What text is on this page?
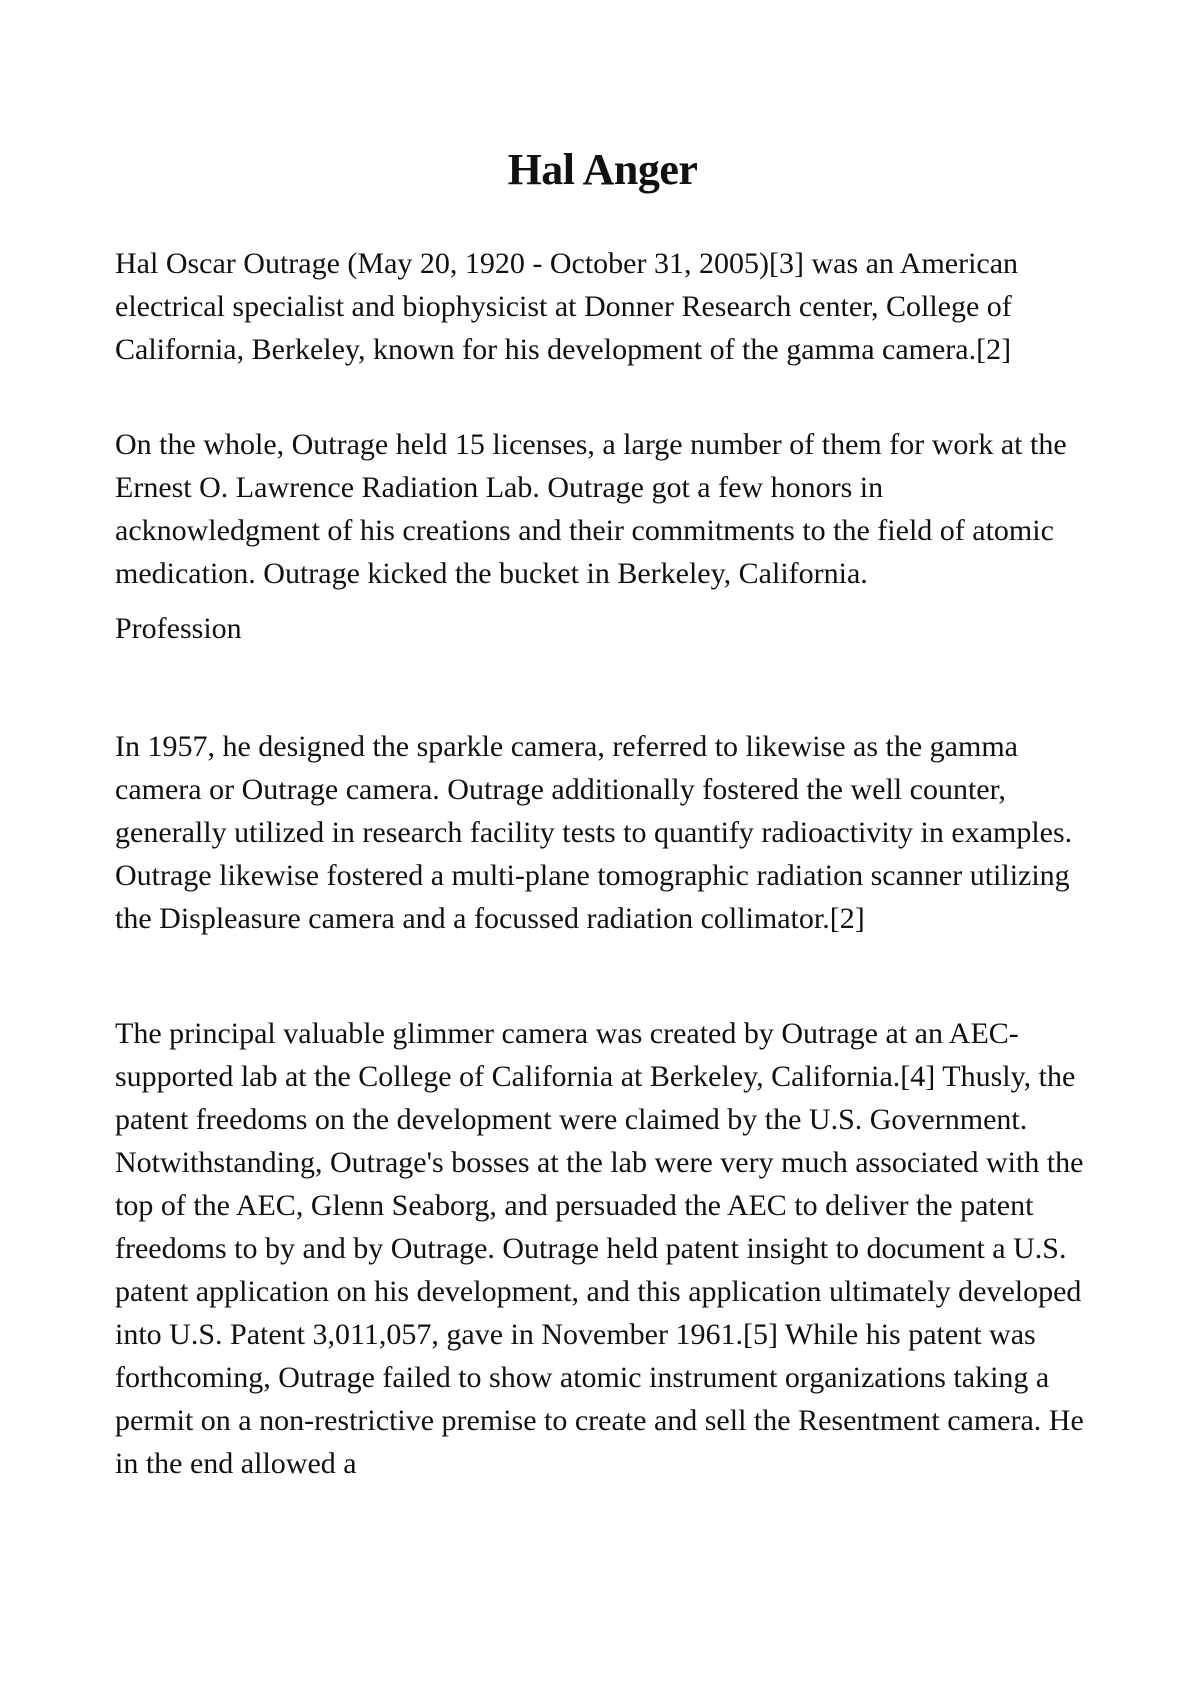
Hal Anger

Hal Oscar Outrage (May 20, 1920 - October 31, 2005)[3] was an American electrical specialist and biophysicist at Donner Research center, College of California, Berkeley, known for his development of the gamma camera.[2]

On the whole, Outrage held 15 licenses, a large number of them for work at the Ernest O. Lawrence Radiation Lab. Outrage got a few honors in acknowledgment of his creations and their commitments to the field of atomic medication. Outrage kicked the bucket in Berkeley, California.

Profession

In 1957, he designed the sparkle camera, referred to likewise as the gamma camera or Outrage camera. Outrage additionally fostered the well counter, generally utilized in research facility tests to quantify radioactivity in examples. Outrage likewise fostered a multi-plane tomographic radiation scanner utilizing the Displeasure camera and a focussed radiation collimator.[2]

The principal valuable glimmer camera was created by Outrage at an AEC-supported lab at the College of California at Berkeley, California.[4] Thusly, the patent freedoms on the development were claimed by the U.S. Government. Notwithstanding, Outrage's bosses at the lab were very much associated with the top of the AEC, Glenn Seaborg, and persuaded the AEC to deliver the patent freedoms to by and by Outrage. Outrage held patent insight to document a U.S. patent application on his development, and this application ultimately developed into U.S. Patent 3,011,057, gave in November 1961.[5] While his patent was forthcoming, Outrage failed to show atomic instrument organizations taking a permit on a non-restrictive premise to create and sell the Resentment camera. He in the end allowed a
